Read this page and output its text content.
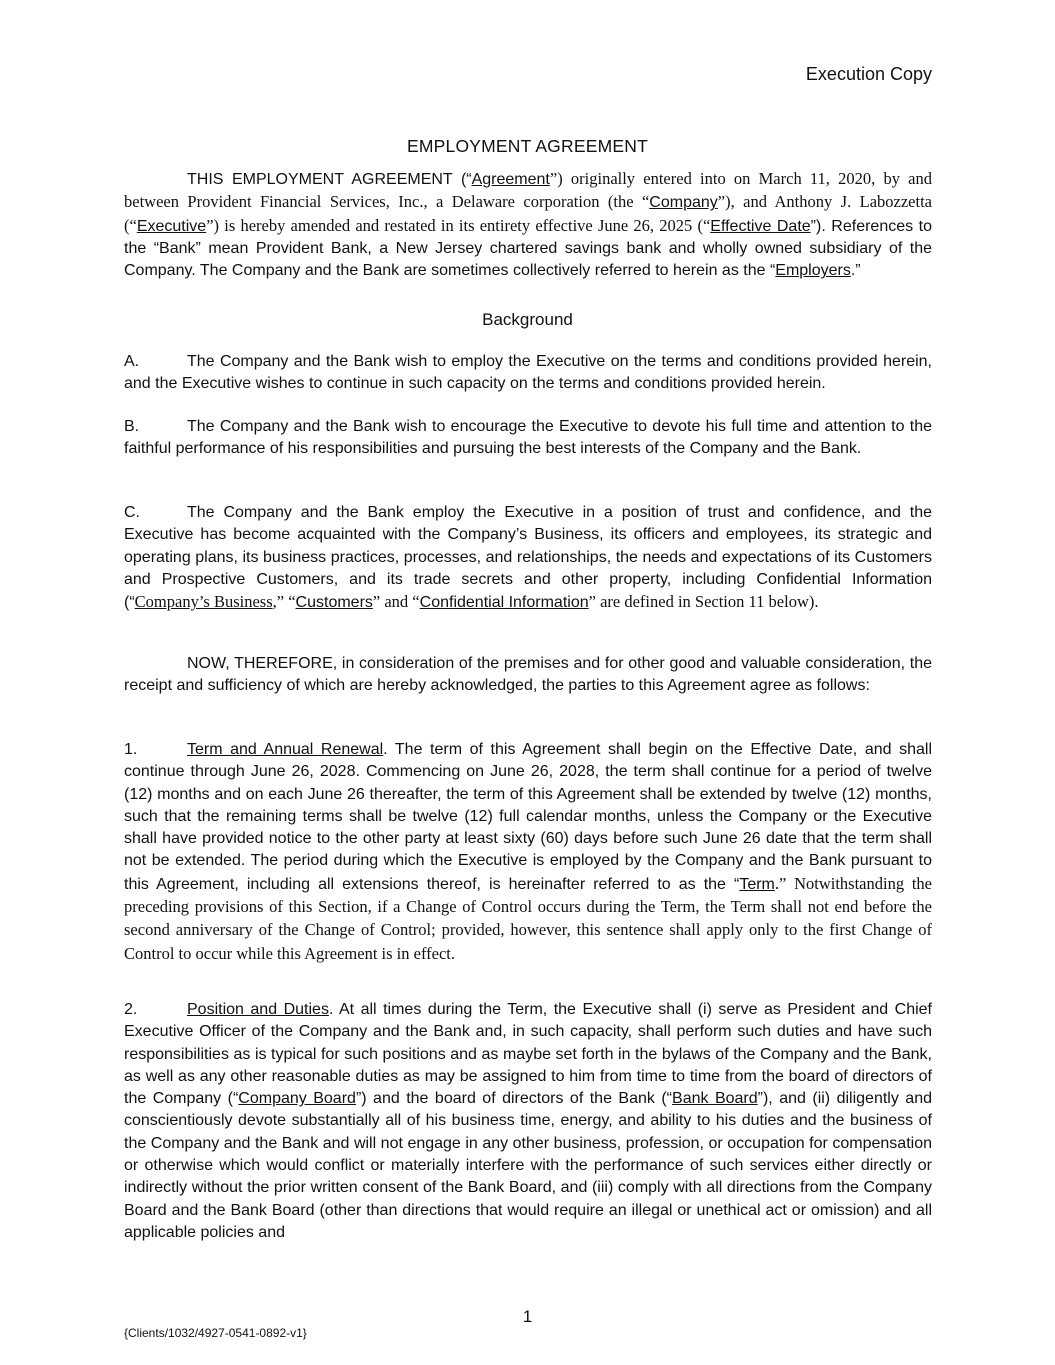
Execution Copy
EMPLOYMENT AGREEMENT

THIS EMPLOYMENT AGREEMENT (“Agreement”) originally entered into on March 11, 2020, by and between Provident Financial Services, Inc., a Delaware corporation (the “Company”), and Anthony J. Labozzetta (“Executive”) is hereby amended and restated in its entirety effective June 26, 2025 (“Effective Date”). References to the “Bank” mean Provident Bank, a New Jersey chartered savings bank and wholly owned subsidiary of the Company. The Company and the Bank are sometimes collectively referred to herein as the “Employers.”

Background

A.	The Company and the Bank wish to employ the Executive on the terms and conditions provided herein, and the Executive wishes to continue in such capacity on the terms and conditions provided herein.

B.	The Company and the Bank wish to encourage the Executive to devote his full time and attention to the faithful performance of his responsibilities and pursuing the best interests of the Company and the Bank.

C.	The Company and the Bank employ the Executive in a position of trust and confidence, and the Executive has become acquainted with the Company’s Business, its officers and employees, its strategic and operating plans, its business practices, processes, and relationships, the needs and expectations of its Customers and Prospective Customers, and its trade secrets and other property, including Confidential Information (“Company’s Business,” “Customers” and “Confidential Information” are defined in Section 11 below).

NOW, THEREFORE, in consideration of the premises and for other good and valuable consideration, the receipt and sufficiency of which are hereby acknowledged, the parties to this Agreement agree as follows:

1.	Term and Annual Renewal. The term of this Agreement shall begin on the Effective Date, and shall continue through June 26, 2028. Commencing on June 26, 2028, the term shall continue for a period of twelve (12) months and on each June 26 thereafter, the term of this Agreement shall be extended by twelve (12) months, such that the remaining terms shall be twelve (12) full calendar months, unless the Company or the Executive shall have provided notice to the other party at least sixty (60) days before such June 26 date that the term shall not be extended. The period during which the Executive is employed by the Company and the Bank pursuant to this Agreement, including all extensions thereof, is hereinafter referred to as the “Term.” Notwithstanding the preceding provisions of this Section, if a Change of Control occurs during the Term, the Term shall not end before the second anniversary of the Change of Control; provided, however, this sentence shall apply only to the first Change of Control to occur while this Agreement is in effect.

2.	Position and Duties. At all times during the Term, the Executive shall (i) serve as President and Chief Executive Officer of the Company and the Bank and, in such capacity, shall perform such duties and have such responsibilities as is typical for such positions and as maybe set forth in the bylaws of the Company and the Bank, as well as any other reasonable duties as may be assigned to him from time to time from the board of directors of the Company (“Company Board”) and the board of directors of the Bank (“Bank Board”), and (ii) diligently and conscientiously devote substantially all of his business time, energy, and ability to his duties and the business of the Company and the Bank and will not engage in any other business, profession, or occupation for compensation or otherwise which would conflict or materially interfere with the performance of such services either directly or indirectly without the prior written consent of the Bank Board, and (iii) comply with all directions from the Company Board and the Bank Board (other than directions that would require an illegal or unethical act or omission) and all applicable policies and

1
{Clients/1032/4927-0541-0892-v1}
